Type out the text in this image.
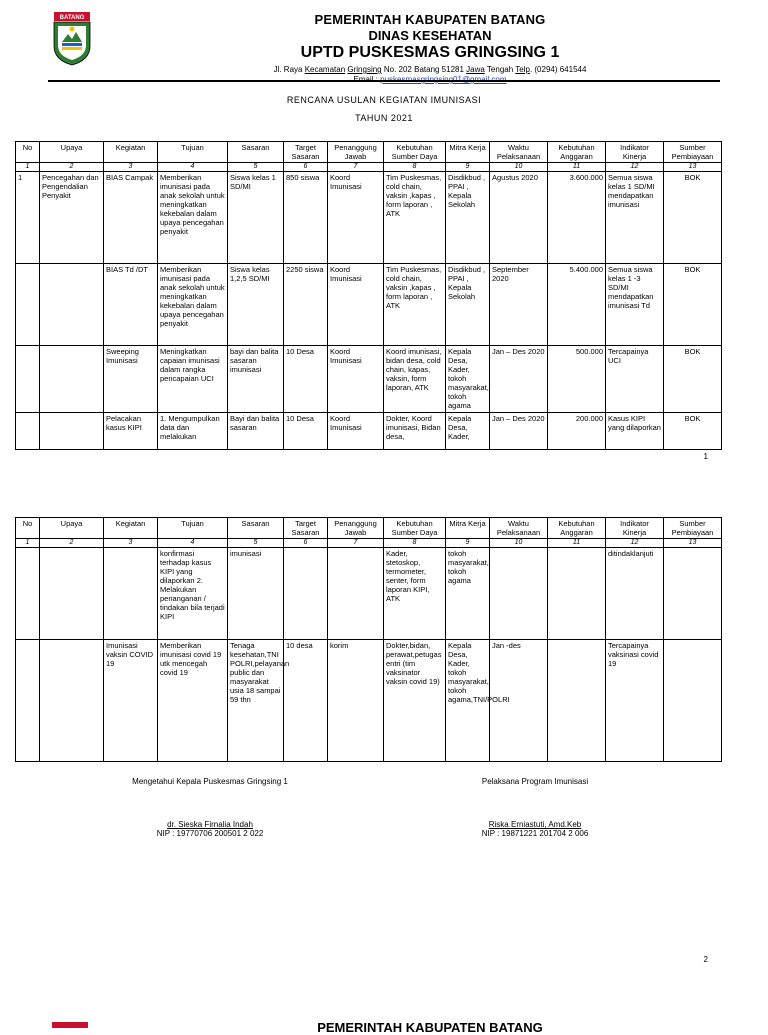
BATANG	PEMERINTAH KABUPATEN BATANG
DINAS KESEHATAN
UPTD PUSKESMAS GRINGSING 1
Jl. Raya Kecamatan Gringsing No. 202 Batang 51281 Jawa Tengah Telp. (0294) 641544
Email : puskesmasgringsing01@gmail.com
RENCANA USULAN KEGIATAN IMUNISASI
TAHUN 2021
No	Upaya	Kegiatan	Tujuan	Sasaran	Target Sasaran	Penanggung Jawab	Kebutuhan Sumber Daya	Mitra Kerja	Waktu Pelaksanaan	Kebutuhan Anggaran	Indikator Kinerja	Sumber Pembiayaan
1	2	3	4	5	6	7	8	9	10	11	12	13
1	Pencegahan dan Pengendalian Penyakit	BIAS Campak	Memberikan imunisasi pada anak sekolah untuk meningkatkan kekebalan dalam upaya pencegahan penyakit	Siswa kelas 1 SD/MI	850 siswa	Koord Imunisasi	Tim Puskesmas, cold chain, vaksin ,kapas , form laporan , ATK	Disdikbud , PPAI , Kepala Sekolah	Agustus 2020	3.600.000	Semua siswa kelas 1 SD/MI mendapatkan imunisasi	BOK
		BIAS Td /DT	Memberikan imunisasi pada anak sekolah untuk meningkatkan kekebalan dalam upaya pencegahan penyakit	Siswa kelas 1,2,5 SD/MI	2250 siswa	Koord Imunisasi	Tim Puskesmas, cold chain, vaksin ,kapas , form laporan , ATK	Disdikbud , PPAI , Kepala Sekolah	September 2020	5.400.000	Semua siswa kelas 1 -3 SD/MI mendapatkan imunisasi Td	BOK
		Sweeping Imunisasi	Meningkatkan capaian imunisasi dalam rangka pencapaian UCI	bayi dan balita sasaran imunisasi	10 Desa	Koord Imunisasi	Koord imunisasi, bidan desa, cold chain, kapas, vaksin, form laporan, ATK	Kepala Desa, Kader, tokoh masyarakat, tokoh agama	Jan – Des 2020	500.000	Tercapainya UCI	BOK
		Pelacakan kasus KIPI	1. Mengumpulkan data dan melakukan	Bayi dan balita sasaran	10 Desa	Koord Imunisasi	Dokter, Koord imunisasi, Bidan desa,	Kepala Desa, Kader,	Jan – Des 2020	200.000	Kasus KIPI yang dilaporkan	BOK
1
No	Upaya	Kegiatan	Tujuan	Sasaran	Target Sasaran	Penanggung Jawab	Kebutuhan Sumber Daya	Mitra Kerja	Waktu Pelaksanaan	Kebutuhan Anggaran	Indikator Kinerja	Sumber Pembiayaan
1	2	3	4	5	6	7	8	9	10	11	12	13
			konfirmasi terhadap kasus KIPI yang dilaporkan 2. Melakukan penanganan / tindakan bila terjadi KIPI	imunisasi			Kader, stetoskop, termometer, senter, form laporan KIPI, ATK	tokoh masyarakat, tokoh agama			ditindaklanjuti	
		Imunisasi vaksin COVID 19	Memberikan imunisasi covid 19 utk mencegah covid 19	Tenaga kesehatan,TNI POLRI,pelayanan public dan masyarakat usia 18 sampai 59 thn	10 desa	korim	Dokter,bidan, perawat,petugas entri (tim vaksinator vaksin covid 19)	Kepala Desa, Kader, tokoh masyarakat, tokoh agama,TNI/POLRI	Jan -des		Tercapainya vaksinasi covid 19	
Mengetahui Kepala Puskesmas Gringsing 1
dr. Sieska Firnalia Indah
NIP : 19770706 200501 2 022
Pelaksana Program Imunisasi
Riska Erniastuti, Amd.Keb
NIP : 19871221 201704 2 006
2
PEMERINTAH KABUPATEN BATANG
